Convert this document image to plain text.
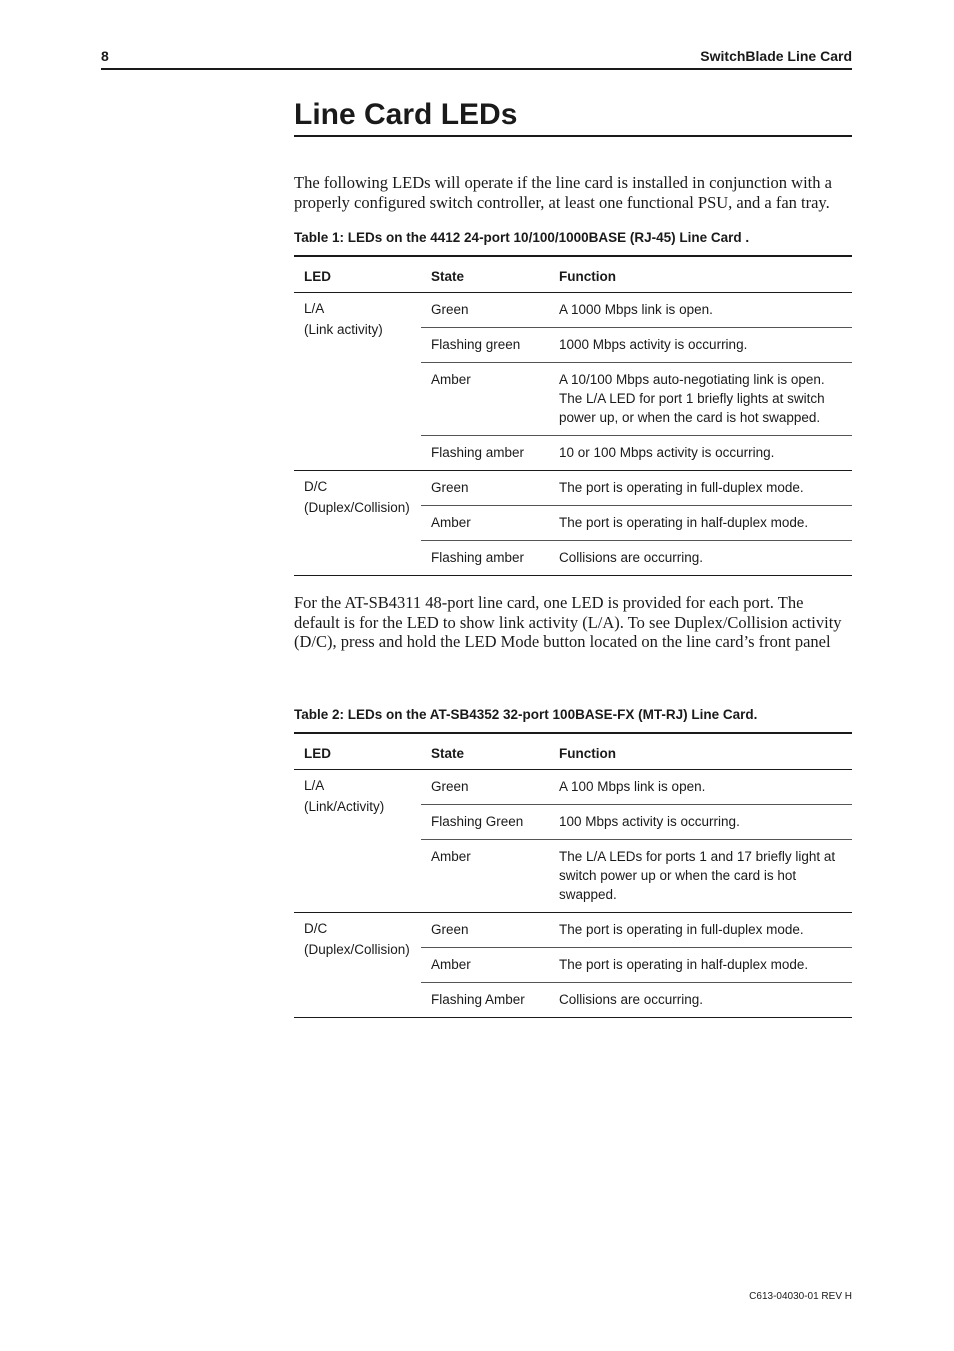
8	SwitchBlade Line Card
Line Card LEDs

The following LEDs will operate if the line card is installed in conjunction with a properly configured switch controller, at least one functional PSU, and a fan tray.

Table 1: LEDs on the 4412 24-port 10/100/1000BASE (RJ-45) Line Card .

LED	State	Function

L/A
(Link activity)	Green	A 1000 Mbps link is open.
	Flashing green	1000 Mbps activity is occurring.
	Amber	A 10/100 Mbps auto-negotiating link is open. The L/A LED for port 1 briefly lights at switch power up, or when the card is hot swapped.
	Flashing amber	10 or 100 Mbps activity is occurring.

D/C
(Duplex/Collision)	Green	The port is operating in full-duplex mode.
	Amber	The port is operating in half-duplex mode.
	Flashing amber	Collisions are occurring.

For the AT-SB4311 48-port line card, one LED is provided for each port. The default is for the LED to show link activity (L/A). To see Duplex/Collision activity (D/C), press and hold the LED Mode button located on the line card’s front panel

Table 2: LEDs on the AT-SB4352 32-port 100BASE-FX (MT-RJ) Line Card.

LED	State	Function

L/A
(Link/Activity)	Green	A 100 Mbps link is open.
	Flashing Green	100 Mbps activity is occurring.
	Amber	The L/A LEDs for ports 1 and 17 briefly light at switch power up or when the card is hot swapped.

D/C
(Duplex/Collision)	Green	The port is operating in full-duplex mode.
	Amber	The port is operating in half-duplex mode.
	Flashing Amber	Collisions are occurring.
C613-04030-01 REV H
